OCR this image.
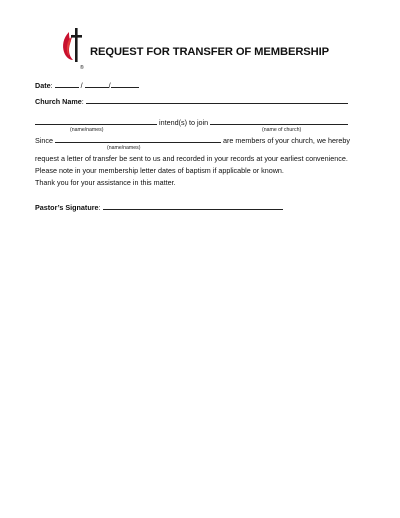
®
REQUEST FOR TRANSFER OF MEMBERSHIP
Date:	/	/
Church Name:
intend(s) to join
(name/names)	(name of church)
Since	are members of your church, we hereby
(name/names)
request a letter of transfer be sent to us and recorded in your records at your earliest convenience.
Please note in your membership letter dates of baptism if applicable or known.
Thank you for your assistance in this matter.
Pastor’s Signature:
